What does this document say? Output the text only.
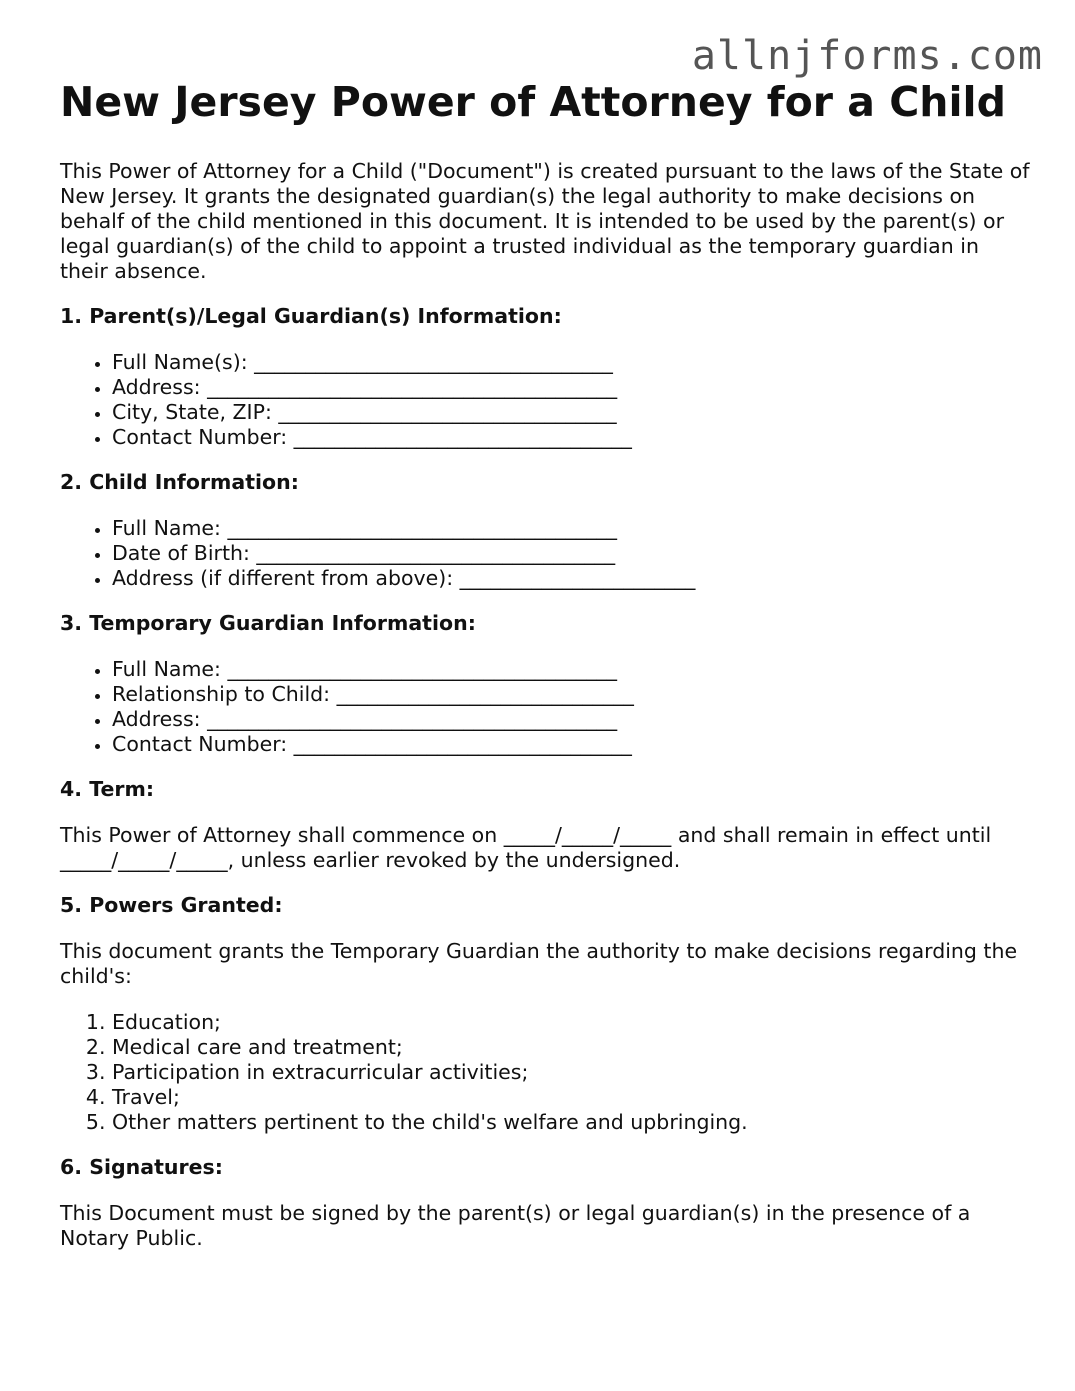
allnjforms.com
New Jersey Power of Attorney for a Child

This Power of Attorney for a Child ("Document") is created pursuant to the laws of the State of New Jersey. It grants the designated guardian(s) the legal authority to make decisions on behalf of the child mentioned in this document. It is intended to be used by the parent(s) or legal guardian(s) of the child to appoint a trusted individual as the temporary guardian in their absence.

1. Parent(s)/Legal Guardian(s) Information:
• Full Name(s): ___________________________________
• Address: ________________________________________
• City, State, ZIP: _________________________________
• Contact Number: _________________________________
2. Child Information:
• Full Name: ______________________________________
• Date of Birth: ___________________________________
• Address (if different from above): _______________________
3. Temporary Guardian Information:
• Full Name: ______________________________________
• Relationship to Child: _____________________________
• Address: ________________________________________
• Contact Number: _________________________________
4. Term:

This Power of Attorney shall commence on _____/_____/_____ and shall remain in effect until _____/_____/_____, unless earlier revoked by the undersigned.

5. Powers Granted:

This document grants the Temporary Guardian the authority to make decisions regarding the child's:

1. Education;
2. Medical care and treatment;
3. Participation in extracurricular activities;
4. Travel;
5. Other matters pertinent to the child's welfare and upbringing.
6. Signatures:

This Document must be signed by the parent(s) or legal guardian(s) in the presence of a Notary Public.
